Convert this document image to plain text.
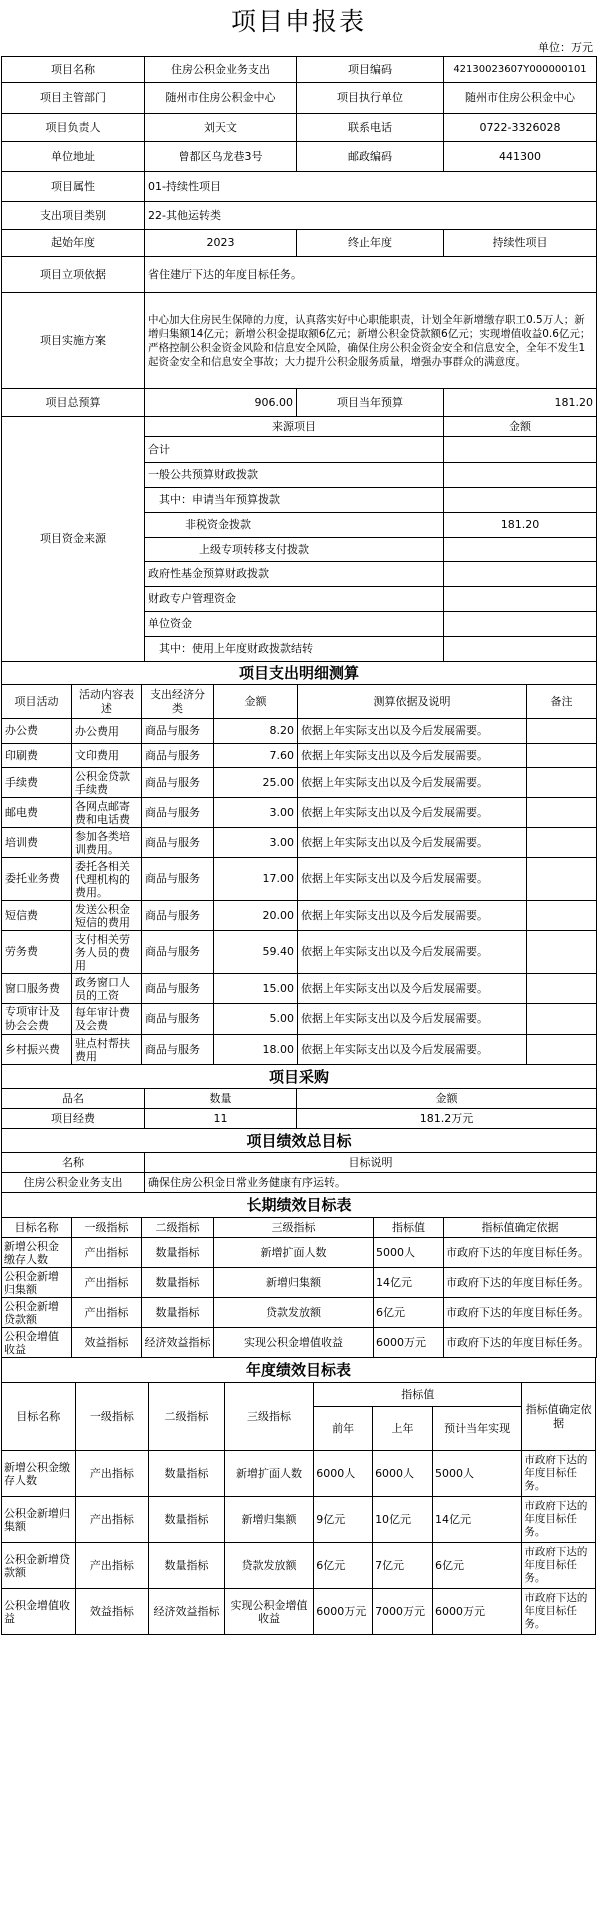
项目申报表
单位：万元
项目名称	住房公积金业务支出	项目编码	42130023607Y000000101
项目主管部门	随州市住房公积金中心	项目执行单位	随州市住房公积金中心
项目负责人	刘天文	联系电话	0722-3326028
单位地址	曾都区乌龙巷3号	邮政编码	441300
项目属性	01-持续性项目		
支出项目类别	22-其他运转类		
起始年度	2023	终止年度	持续性项目
项目立项依据	省住建厅下达的年度目标任务。		
项目实施方案	中心加大住房民生保障的力度，认真落实好中心职能职责，计划全年新增缴存职工0.5万人；新增归集额14亿元；新增公积金提取额6亿元；新增公积金贷款额6亿元；实现增值收益0.6亿元；严格控制公积金资金风险和信息安全风险，确保住房公积金资金安全和信息安全，全年不发生1起资金安全和信息安全事故；大力提升公积金服务质量，增强办事群众的满意度。		
项目总预算	906.00	项目当年预算	181.20
项目资金来源	来源项目	金额
	合计	
	一般公共预算财政拨款	
	其中：申请当年预算拨款	
	非税资金拨款	181.20
	上级专项转移支付拨款	
	政府性基金预算财政拨款	
	财政专户管理资金	
	单位资金	
	其中：使用上年度财政拨款结转	
项目支出明细测算					
项目活动	活动内容表述	支出经济分类	金额	测算依据及说明	备注
办公费	办公费用	商品与服务	8.20	依据上年实际支出以及今后发展需要。	
印刷费	文印费用	商品与服务	7.60	依据上年实际支出以及今后发展需要。	
手续费	公积金贷款手续费	商品与服务	25.00	依据上年实际支出以及今后发展需要。	
邮电费	各网点邮寄费和电话费	商品与服务	3.00	依据上年实际支出以及今后发展需要。	
培训费	参加各类培训费用。	商品与服务	3.00	依据上年实际支出以及今后发展需要。	
委托业务费	委托各相关代理机构的费用。	商品与服务	17.00	依据上年实际支出以及今后发展需要。	
短信费	发送公积金短信的费用	商品与服务	20.00	依据上年实际支出以及今后发展需要。	
劳务费	支付相关劳务人员的费用	商品与服务	59.40	依据上年实际支出以及今后发展需要。	
窗口服务费	政务窗口人员的工资	商品与服务	15.00	依据上年实际支出以及今后发展需要。	
专项审计及协会会费	每年审计费及会费	商品与服务	5.00	依据上年实际支出以及今后发展需要。	
乡村振兴费	驻点村帮扶费用	商品与服务	18.00	依据上年实际支出以及今后发展需要。	
项目采购		
品名	数量	金额
项目经费	11	181.2万元
项目绩效总目标	
名称	目标说明
住房公积金业务支出	确保住房公积金日常业务健康有序运转。
长期绩效目标表					
目标名称	一级指标	二级指标	三级指标	指标值	指标值确定依据
新增公积金缴存人数	产出指标	数量指标	新增扩面人数	5000人	市政府下达的年度目标任务。
公积金新增归集额	产出指标	数量指标	新增归集额	14亿元	市政府下达的年度目标任务。
公积金新增贷款额	产出指标	数量指标	贷款发放额	6亿元	市政府下达的年度目标任务。
公积金增值收益	效益指标	经济效益指标	实现公积金增值收益	6000万元	市政府下达的年度目标任务。
年度绩效目标表							
目标名称	一级指标	二级指标	三级指标	指标值			指标值确定依据
				前年	上年	预计当年实现	
新增公积金缴存人数	产出指标	数量指标	新增扩面人数	6000人	6000人	5000人	市政府下达的年度目标任务。
公积金新增归集额	产出指标	数量指标	新增归集额	9亿元	10亿元	14亿元	市政府下达的年度目标任务。
公积金新增贷款额	产出指标	数量指标	贷款发放额	6亿元	7亿元	6亿元	市政府下达的年度目标任务。
公积金增值收益	效益指标	经济效益指标	实现公积金增值收益	6000万元	7000万元	6000万元	市政府下达的年度目标任务。
